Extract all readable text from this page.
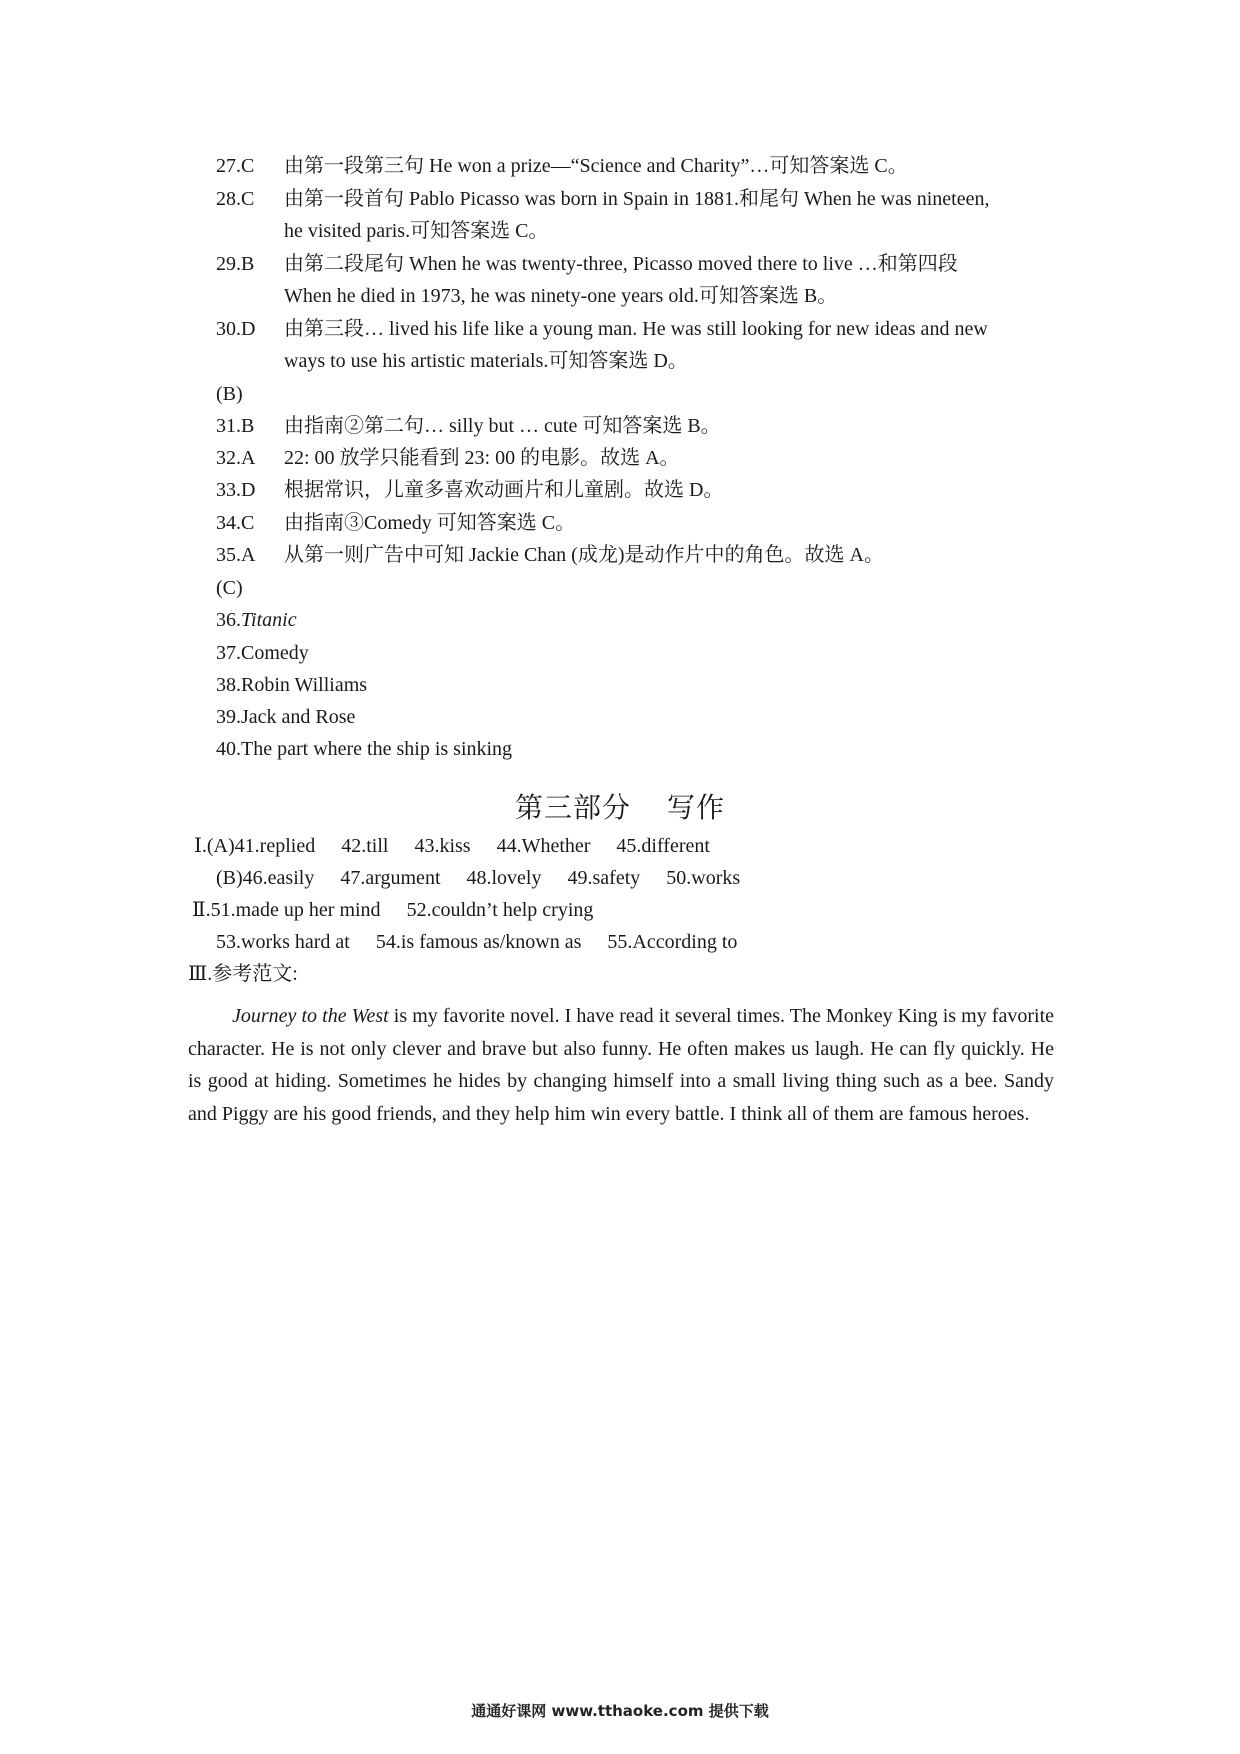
27.C 由第一段第三句 He won a prize—“Science and Charity”…可知答案选 C。
28.C 由第一段首句 Pablo Picasso was born in Spain in 1881.和尾句 When he was nineteen,
he visited paris.可知答案选 C。
29.B 由第二段尾句 When he was twenty-three, Picasso moved there to live …和第四段
When he died in 1973, he was ninety-one years old.可知答案选 B。
30.D 由第三段… lived his life like a young man. He was still looking for new ideas and new
ways to use his artistic materials.可知答案选 D。
(B)
31.B 由指南②第二句… silly but … cute 可知答案选 B。
32.A 22: 00 放学只能看到 23: 00 的电影。故选 A。
33.D 根据常识，儿童多喜欢动画片和儿童剧。故选 D。
34.C 由指南③Comedy 可知答案选 C。
35.A 从第一则广告中可知 Jackie Chan (成龙)是动作片中的角色。故选 A。
(C)
36.Titanic
37.Comedy
38.Robin Williams
39.Jack and Rose
40.The part where the ship is sinking
第三部分 写作
Ⅰ.(A)41.replied 42.till 43.kiss 44.Whether 45.different
(B)46.easily 47.argument 48.lovely 49.safety 50.works
Ⅱ.51.made up her mind 52.couldn’t help crying
53.works hard at 54.is famous as/known as 55.According to
Ⅲ.参考范文:
Journey to the West is my favorite novel. I have read it several times. The Monkey King is my favorite character. He is not only clever and brave but also funny. He often makes us laugh. He can fly quickly. He is good at hiding. Sometimes he hides by changing himself into a small living thing such as a bee. Sandy and Piggy are his good friends, and they help him win every battle. I think all of them are famous heroes.
通通好课网 www.tthaoke.com 提供下载
